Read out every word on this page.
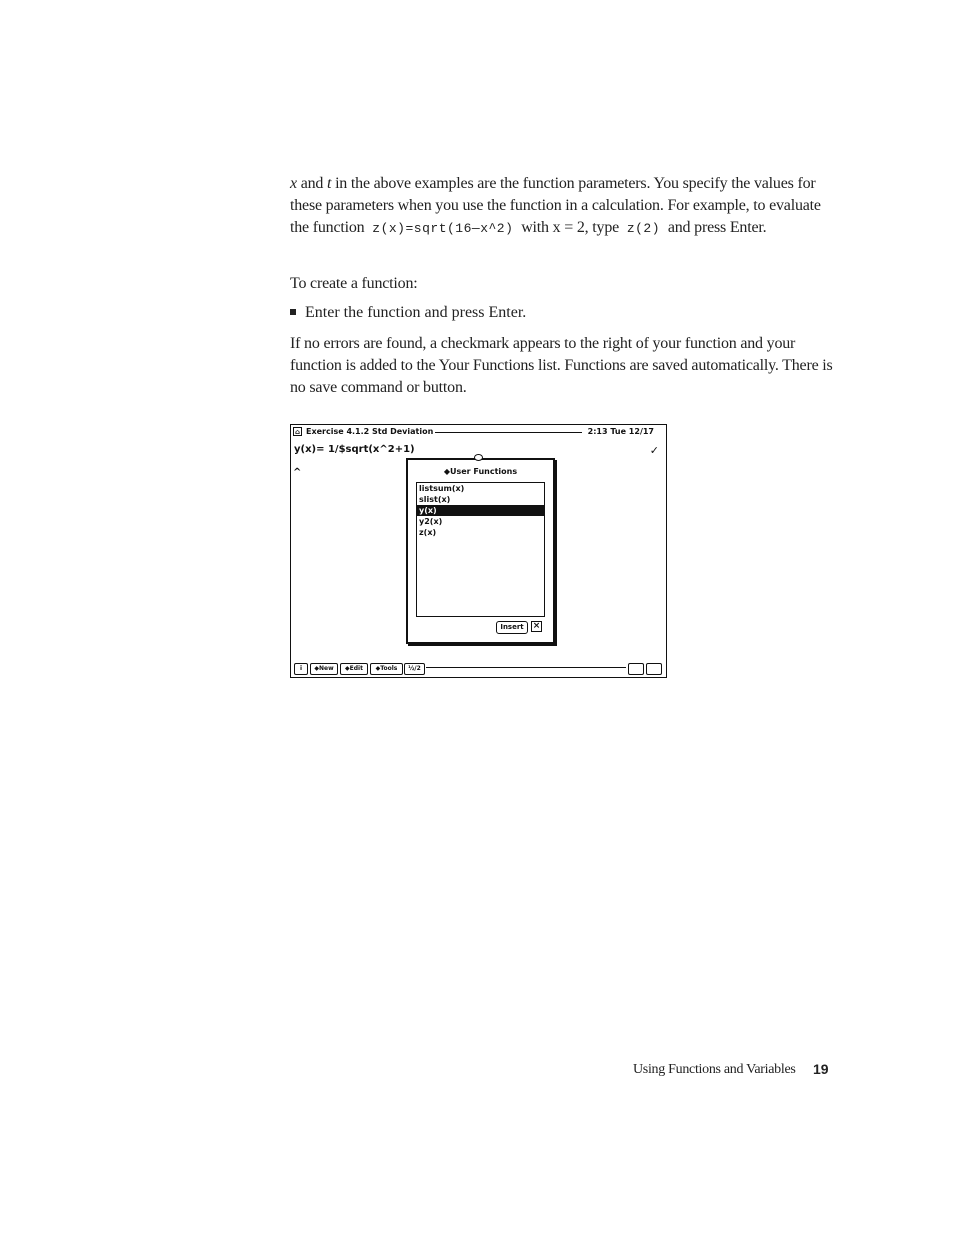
x and t in the above examples are the function parameters. You specify the values for these parameters when you use the function in a calculation. For example, to evaluate the function z(x)=sqrt(16—x^2) with x = 2, type z(2) and press Enter.
To create a function:
Enter the function and press Enter.
If no errors are found, a checkmark appears to the right of your function and your function is added to the Your Functions list. Functions are saved automatically. There is no save command or button.
⌂ Exercise 4.1.2 Std Deviation	2:13 Tue 12/17
y(x)= 1/$sqrt(x^2+1)	✓
^	◆User Functions
listsum(x)
slist(x)
y(x)
y2(x)
z(x)
Insert	×
i	◆New	◆Edit	◆Tools	½/2
Using Functions and Variables 19
